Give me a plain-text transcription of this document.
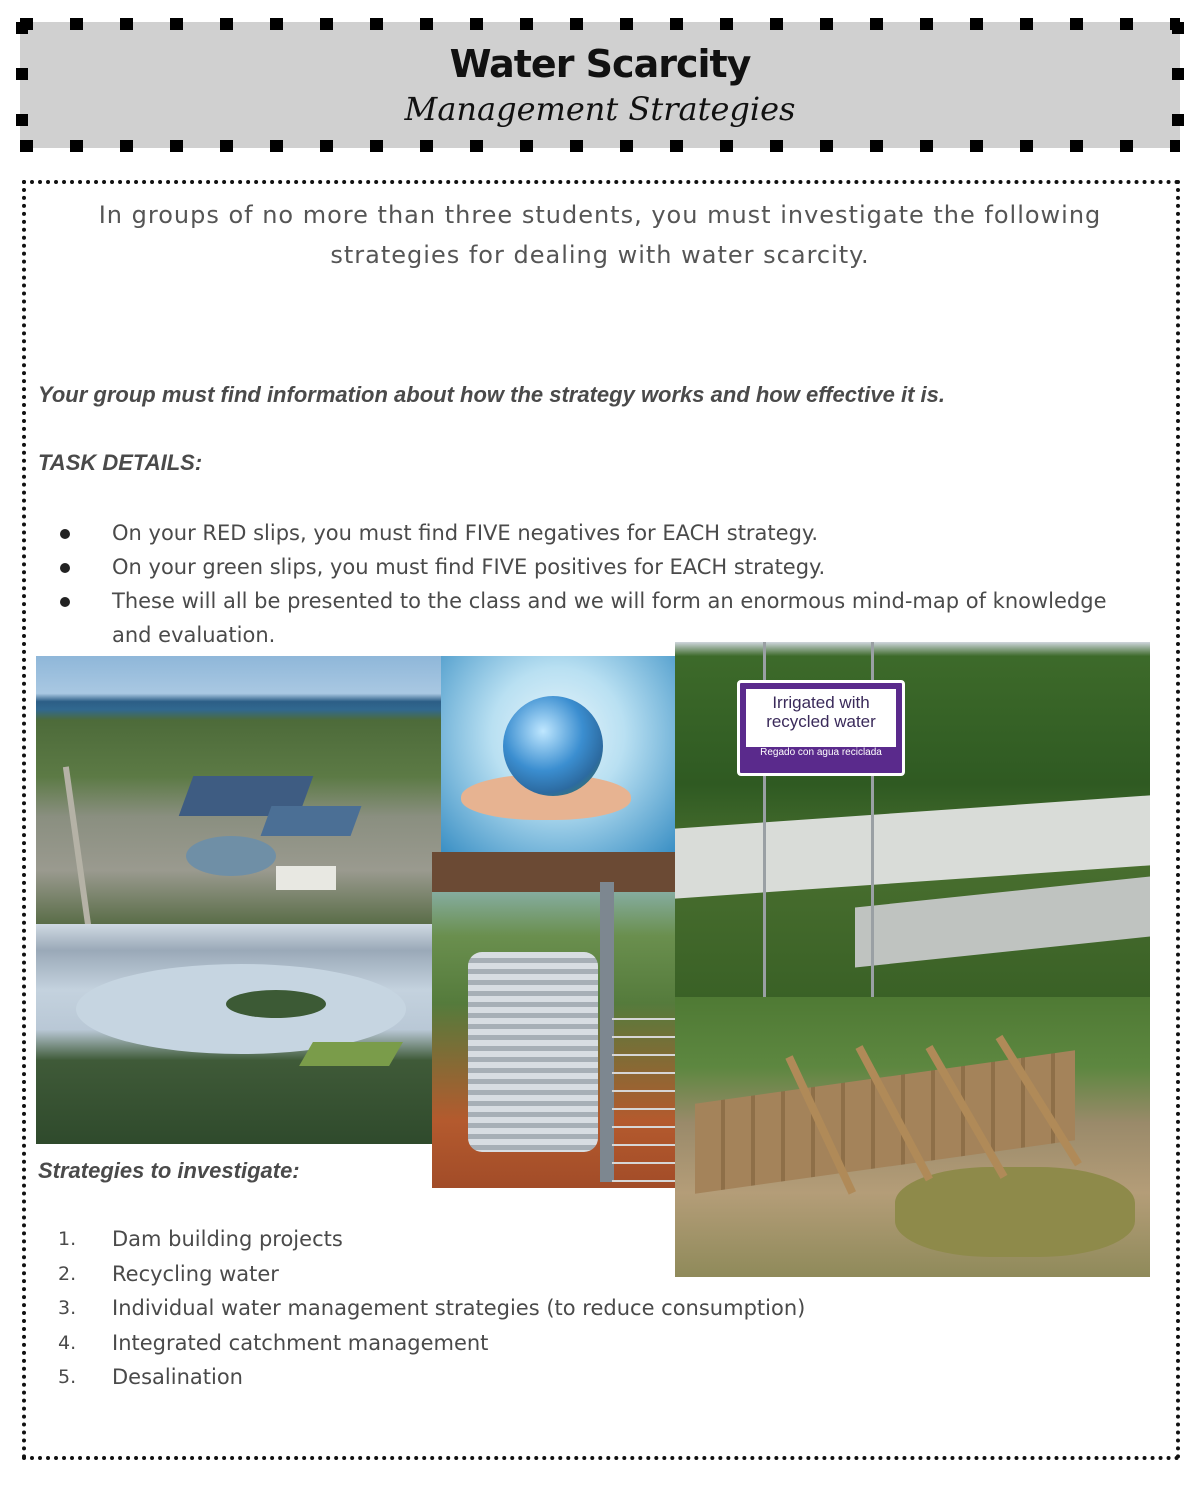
Water Scarcity
Management Strategies
In groups of no more than three students, you must investigate the following strategies for dealing with water scarcity.
Your group must find information about how the strategy works and how effective it is.
TASK DETAILS:
On your RED slips, you must find FIVE negatives for EACH strategy.
On your green slips, you must find FIVE positives for EACH strategy.
These will all be presented to the class and we will form an enormous mind-map of knowledge and evaluation.
Irrigated with
recycled water
Regado con agua reciclada
Strategies to investigate:
1. Dam building projects
2. Recycling water
3. Individual water management strategies (to reduce consumption)
4. Integrated catchment management
5. Desalination
